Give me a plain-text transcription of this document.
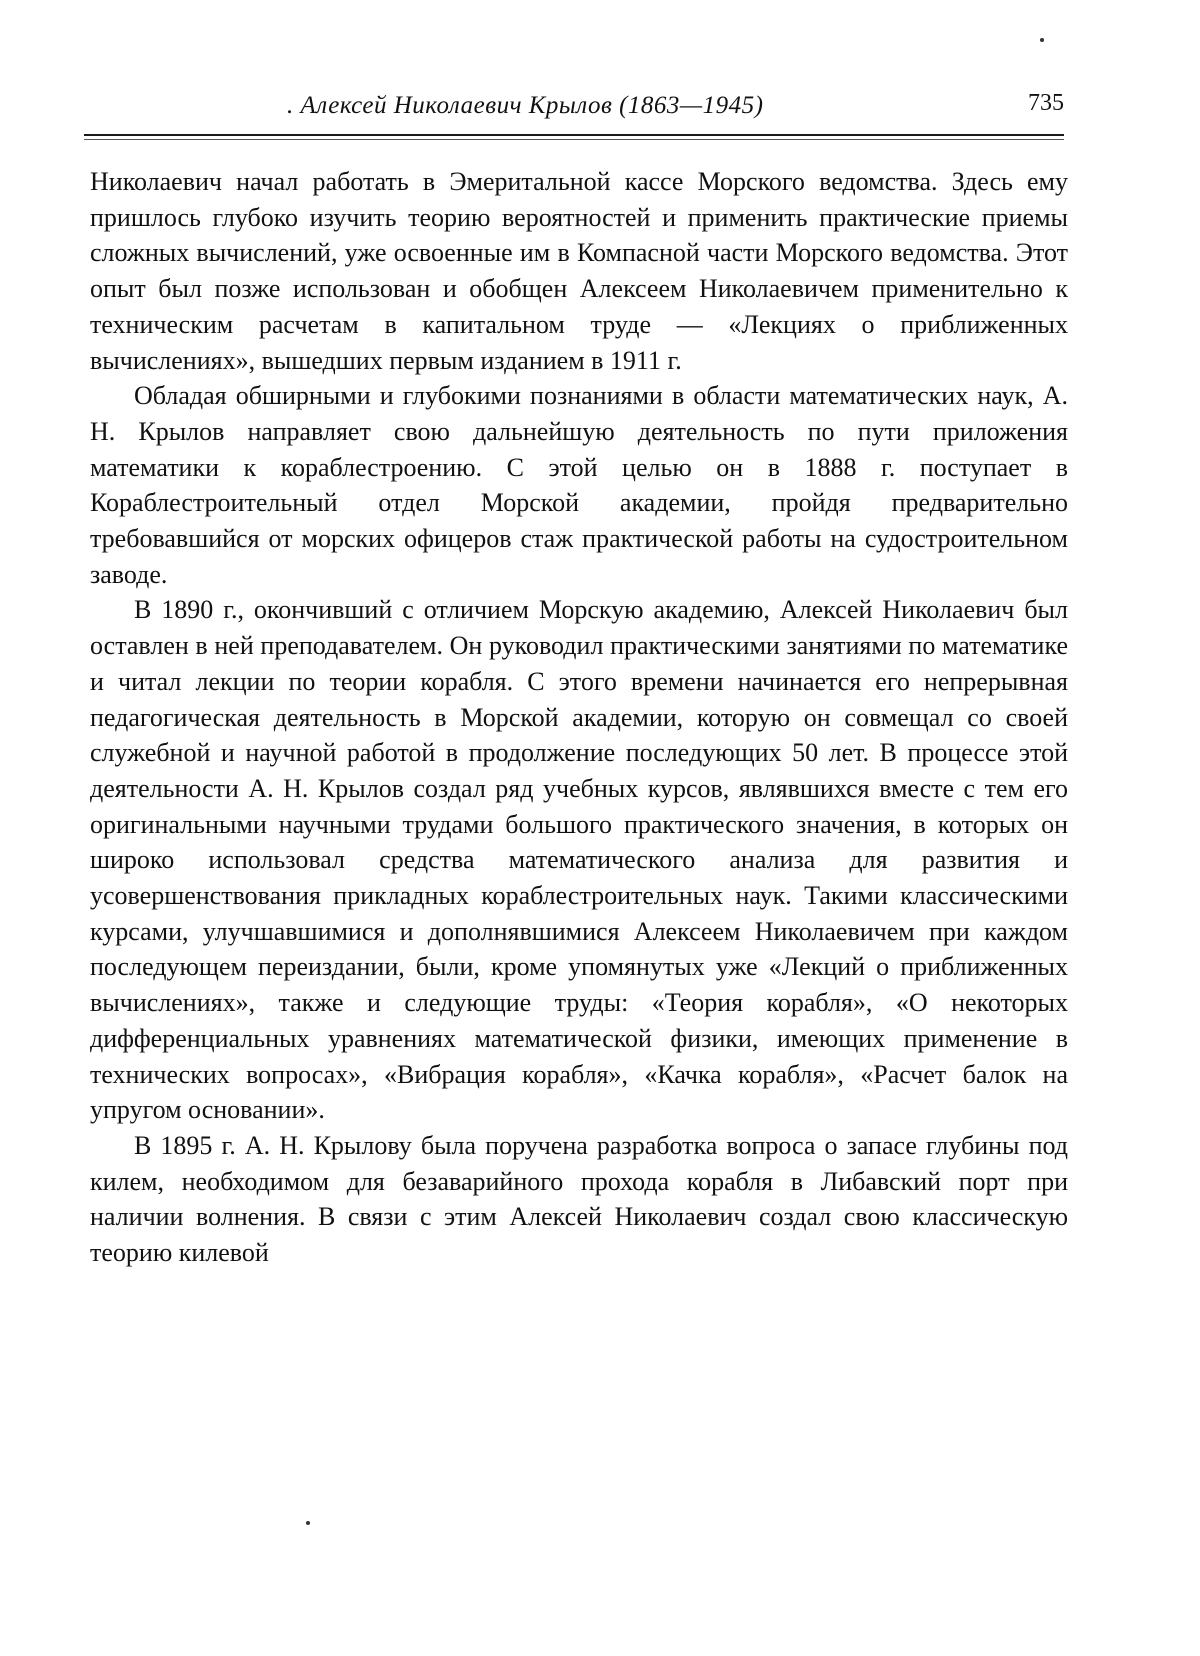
. Алексей Николаевич Крылов (1863—1945)	735

Николаевич начал работать в Эмеритальной кассе Морского ведомства. Здесь ему пришлось глубоко изучить теорию вероятностей и применить практические приемы сложных вычислений, уже освоенные им в Компасной части Морского ведомства. Этот опыт был позже использован и обобщен Алексеем Николаевичем применительно к техническим расчетам в капитальном труде — «Лекциях о приближенных вычислениях», вышедших первым изданием в 1911 г.

Обладая обширными и глубокими познаниями в области математических наук, А. Н. Крылов направляет свою дальнейшую деятельность по пути приложения математики к кораблестроению. С этой целью он в 1888 г. поступает в Кораблестроительный отдел Морской академии, пройдя предварительно требовавшийся от морских офицеров стаж практической работы на судостроительном заводе.

В 1890 г., окончивший с отличием Морскую академию, Алексей Николаевич был оставлен в ней преподавателем. Он руководил практическими занятиями по математике и читал лекции по теории корабля. С этого времени начинается его непрерывная педагогическая деятельность в Морской академии, которую он совмещал со своей служебной и научной работой в продолжение последующих 50 лет. В процессе этой деятельности А. Н. Крылов создал ряд учебных курсов, являвшихся вместе с тем его оригинальными научными трудами большого практического значения, в которых он широко использовал средства математического анализа для развития и усовершенствования прикладных кораблестроительных наук. Такими классическими курсами, улучшавшимися и дополнявшимися Алексеем Николаевичем при каждом последующем переиздании, были, кроме упомянутых уже «Лекций о приближенных вычислениях», также и следующие труды: «Теория корабля», «О некоторых дифференциальных уравнениях математической физики, имеющих применение в технических вопросах», «Вибрация корабля», «Качка корабля», «Расчет балок на упругом основании».

В 1895 г. А. Н. Крылову была поручена разработка вопроса о запасе глубины под килем, необходимом для безаварийного прохода корабля в Либавский порт при наличии волнения. В связи с этим Алексей Николаевич создал свою классическую теорию килевой
